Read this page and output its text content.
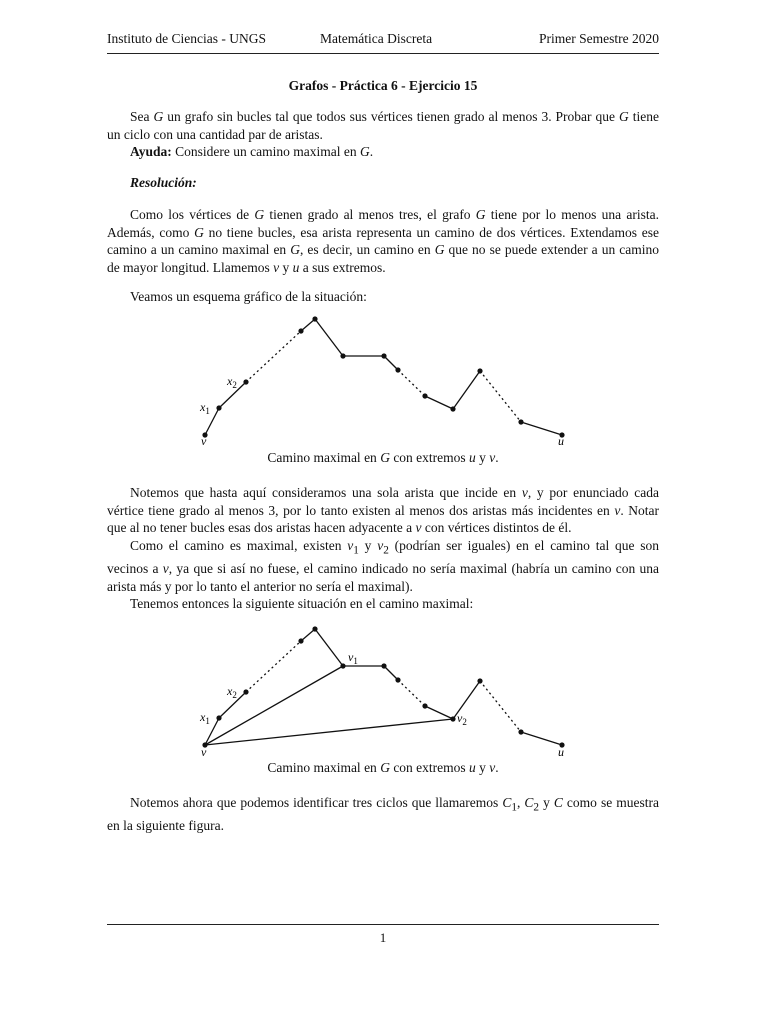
Instituto de Ciencias - UNGS	Matemática Discreta	Primer Semestre 2020
Grafos - Práctica 6 - Ejercicio 15

Sea G un grafo sin bucles tal que todos sus vértices tienen grado al menos 3. Probar que G tiene un ciclo con una cantidad par de aristas.

Ayuda: Considere un camino maximal en G.

Resolución:

Como los vértices de G tienen grado al menos tres, el grafo G tiene por lo menos una arista. Además, como G no tiene bucles, esa arista representa un camino de dos vértices. Extendamos ese camino a un camino maximal en G, es decir, un camino en G que no se puede extender a un camino de mayor longitud. Llamemos v y u a sus extremos.

Veamos un esquema gráfico de la situación:

v	u
$x_1$
$x_2$
Camino maximal en G con extremos u y v.

Notemos que hasta aquí consideramos una sola arista que incide en v, y por enunciado cada vértice tiene grado al menos 3, por lo tanto existen al menos dos aristas más incidentes en v. Notar que al no tener bucles esas dos aristas hacen adyacente a v con vértices distintos de él.

Como el camino es maximal, existen $v_1$ y $v_2$ (podrían ser iguales) en el camino tal que son vecinos a v, ya que si así no fuese, el camino indicado no sería maximal (habría un camino con una arista más y por lo tanto el anterior no sería el maximal).

Tenemos entonces la siguiente situación en el camino maximal:

v	u
$x_1$
$x_2$
$v_1$
$v_2$
Camino maximal en G con extremos u y v.

Notemos ahora que podemos identificar tres ciclos que llamaremos $C_1$, $C_2$ y C como se muestra en la siguiente figura.

1
